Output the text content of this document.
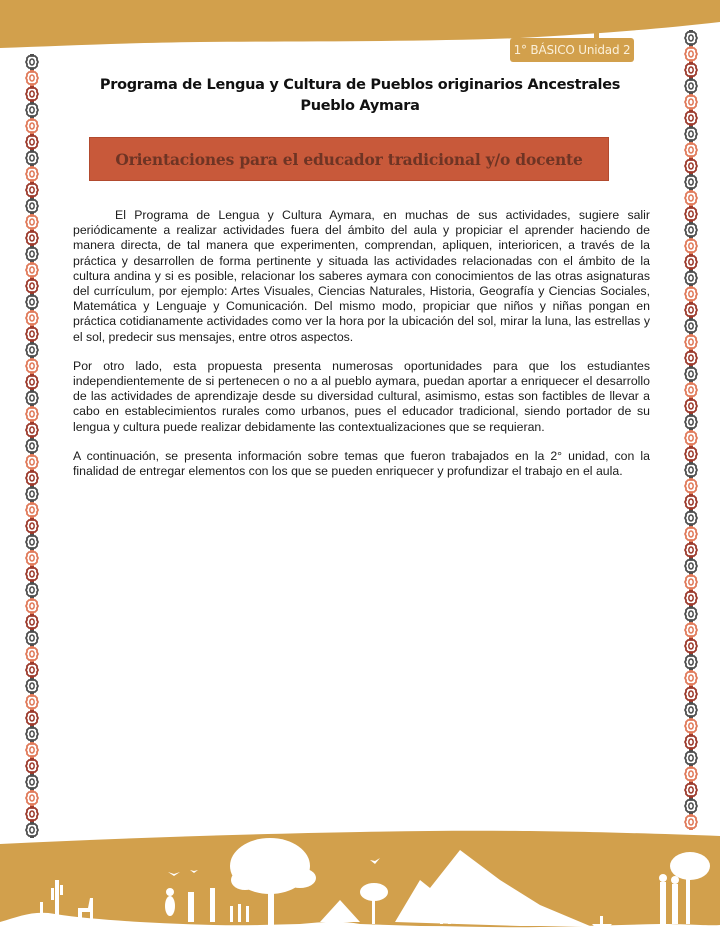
1° BÁSICO Unidad 2
Programa de Lengua y Cultura de Pueblos originarios Ancestrales
Pueblo Aymara
Orientaciones para el educador tradicional y/o docente

El Programa de Lengua y Cultura Aymara, en muchas de sus actividades, sugiere salir periódicamente a realizar actividades fuera del ámbito del aula y propiciar el aprender haciendo de manera directa, de tal manera que experimenten, comprendan, apliquen, interioricen, a través de la práctica y desarrollen de forma pertinente y situada las actividades relacionadas con el ámbito de la cultura andina y si es posible, relacionar los saberes aymara con conocimientos de las otras asignaturas del currículum, por ejemplo: Artes Visuales, Ciencias Naturales, Historia, Geografía y Ciencias Sociales, Matemática y Lenguaje y Comunicación. Del mismo modo, propiciar que niños y niñas pongan en práctica cotidianamente actividades como ver la hora por la ubicación del sol, mirar la luna, las estrellas y el sol, predecir sus mensajes, entre otros aspectos.

Por otro lado, esta propuesta presenta numerosas oportunidades para que los estudiantes independientemente de si pertenecen o no a al pueblo aymara, puedan aportar a enriquecer el desarrollo de las actividades de aprendizaje desde su diversidad cultural, asimismo, estas son factibles de llevar a cabo en establecimientos rurales como urbanos, pues el educador tradicional, siendo portador de su lengua y cultura puede realizar debidamente las contextualizaciones que se requieran.

A continuación, se presenta información sobre temas que fueron trabajados en la 2° unidad, con la finalidad de entregar elementos con los que se pueden enriquecer y profundizar el trabajo en el aula.
